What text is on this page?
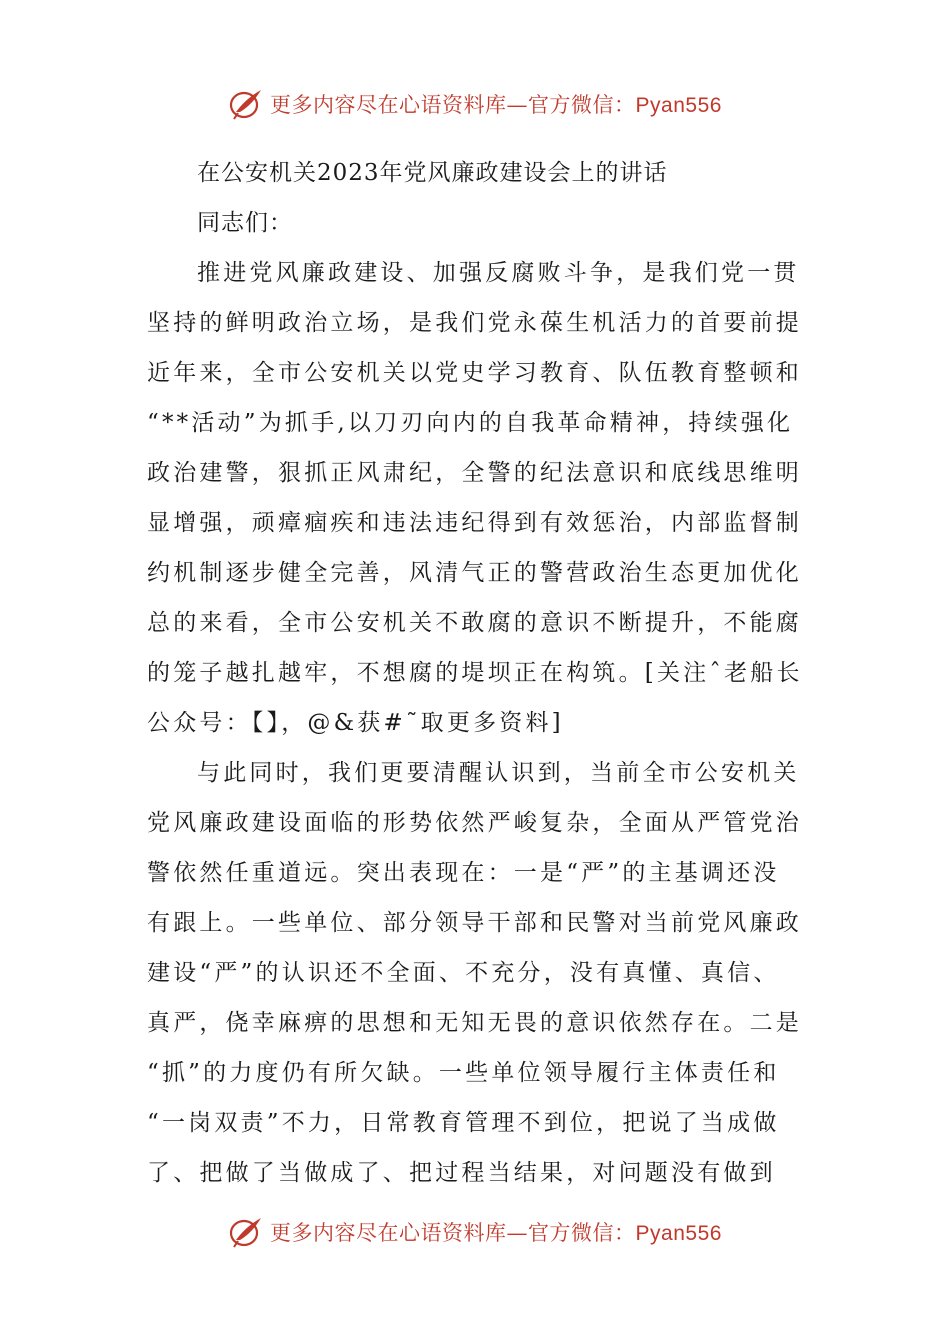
更多内容尽在心语资料库—官方微信：Pyan556
在公安机关2023年党风廉政建设会上的讲话
同志们：
推进党风廉政建设、加强反腐败斗争，是我们党一贯
坚持的鲜明政治立场，是我们党永葆生机活力的首要前提
近年来，全市公安机关以党史学习教育、队伍教育整顿和
“**活动”为抓手,以刀刃向内的自我革命精神，持续强化
政治建警，狠抓正风肃纪，全警的纪法意识和底线思维明
显增强，顽瘴痼疾和违法违纪得到有效惩治，内部监督制
约机制逐步健全完善，风清气正的警营政治生态更加优化
总的来看，全市公安机关不敢腐的意识不断提升，不能腐
的笼子越扎越牢，不想腐的堤坝正在构筑。[关注ˆ老船长
公众号：【】，@&获#˜取更多资料]
与此同时，我们更要清醒认识到，当前全市公安机关
党风廉政建设面临的形势依然严峻复杂，全面从严管党治
警依然任重道远。突出表现在：一是“严”的主基调还没
有跟上。一些单位、部分领导干部和民警对当前党风廉政
建设“严”的认识还不全面、不充分，没有真懂、真信、
真严，侥幸麻痹的思想和无知无畏的意识依然存在。二是
“抓”的力度仍有所欠缺。一些单位领导履行主体责任和
“一岗双责”不力，日常教育管理不到位，把说了当成做
了、把做了当做成了、把过程当结果，对问题没有做到
更多内容尽在心语资料库—官方微信：Pyan556
